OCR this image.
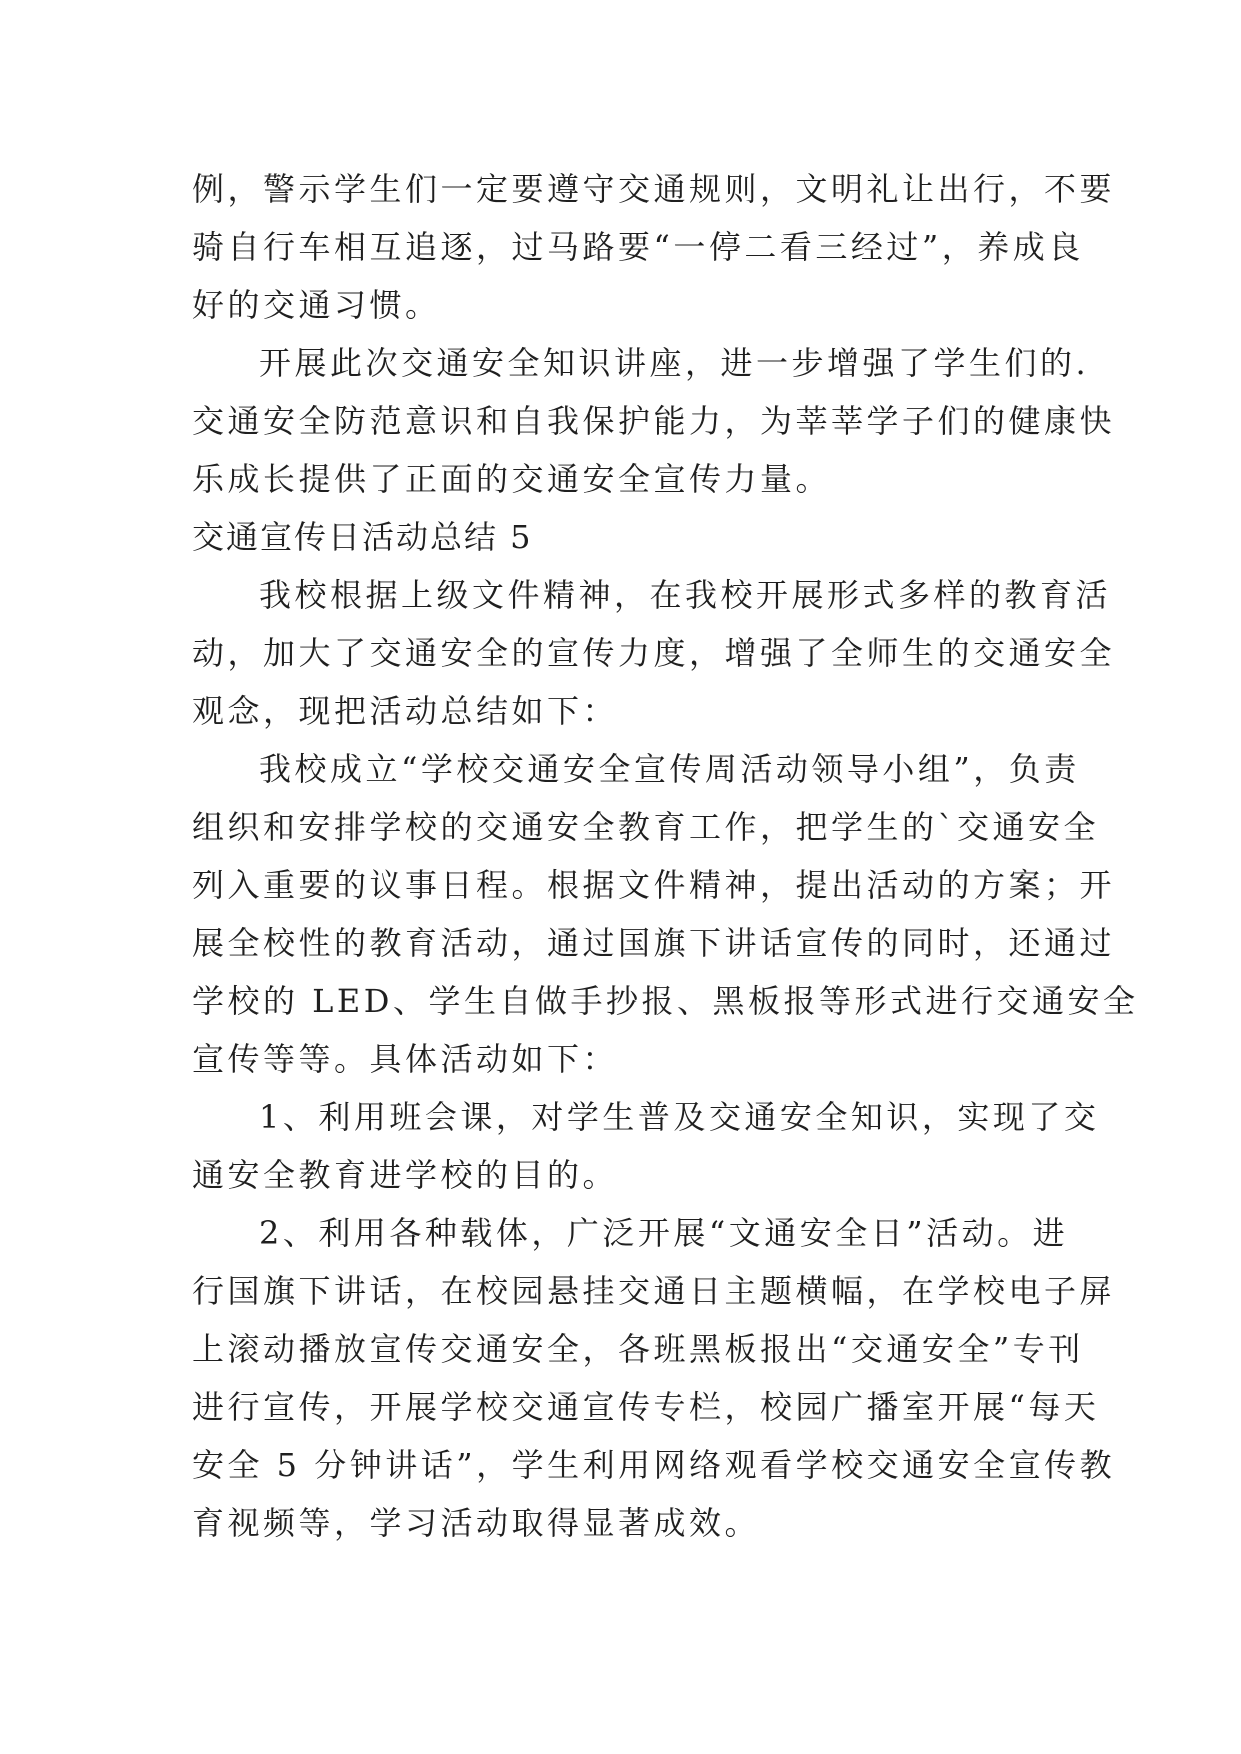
例，警示学生们一定要遵守交通规则，文明礼让出行，不要
骑自行车相互追逐，过马路要“一停二看三经过”，养成良
好的交通习惯。
开展此次交通安全知识讲座，进一步增强了学生们的.
交通安全防范意识和自我保护能力，为莘莘学子们的健康快
乐成长提供了正面的交通安全宣传力量。
交通宣传日活动总结 5
我校根据上级文件精神，在我校开展形式多样的教育活
动，加大了交通安全的宣传力度，增强了全师生的交通安全
观念，现把活动总结如下：
我校成立“学校交通安全宣传周活动领导小组”，负责
组织和安排学校的交通安全教育工作，把学生的`交通安全
列入重要的议事日程。根据文件精神，提出活动的方案；开
展全校性的教育活动，通过国旗下讲话宣传的同时，还通过
学校的 LED、学生自做手抄报、黑板报等形式进行交通安全
宣传等等。具体活动如下：
1、利用班会课，对学生普及交通安全知识，实现了交
通安全教育进学校的目的。
2、利用各种载体，广泛开展“文通安全日”活动。进
行国旗下讲话，在校园悬挂交通日主题横幅，在学校电子屏
上滚动播放宣传交通安全，各班黑板报出“交通安全”专刊
进行宣传，开展学校交通宣传专栏，校园广播室开展“每天
安全 5 分钟讲话”，学生利用网络观看学校交通安全宣传教
育视频等，学习活动取得显著成效。
